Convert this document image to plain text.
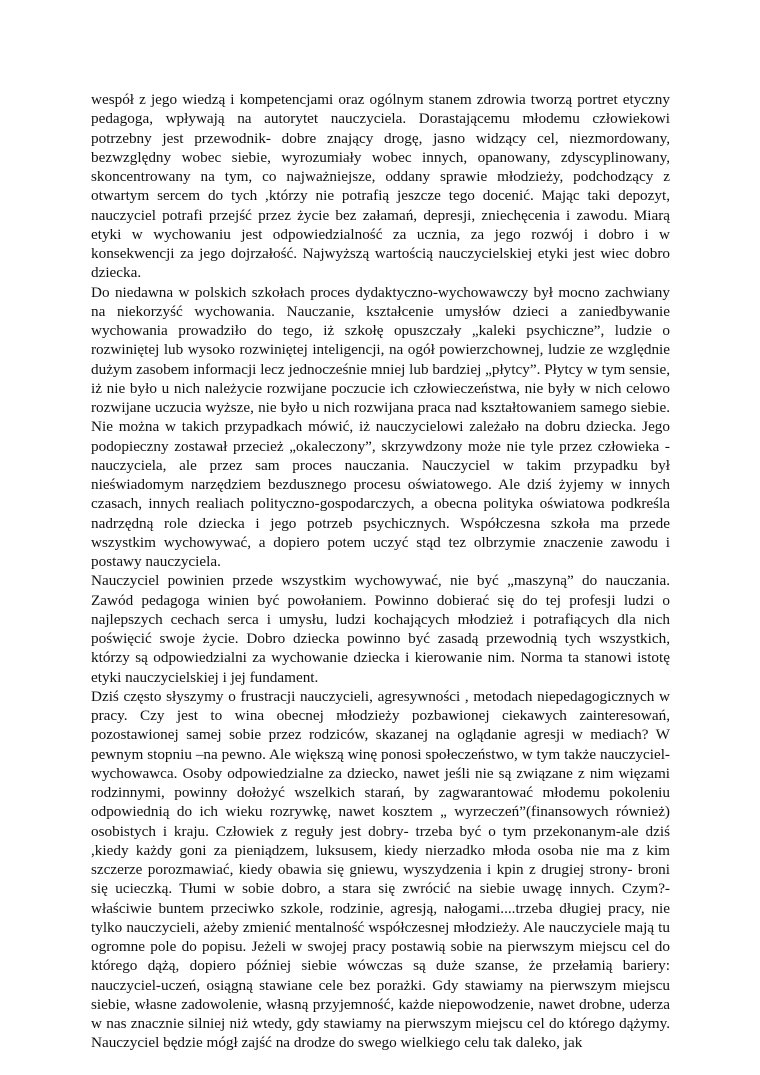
wespół z jego wiedzą i kompetencjami oraz ogólnym stanem zdrowia tworzą portret etyczny pedagoga, wpływają na autorytet nauczyciela. Dorastającemu młodemu człowiekowi potrzebny jest przewodnik- dobre znający drogę, jasno widzący cel, niezmordowany, bezwzględny wobec siebie, wyrozumiały wobec innych, opanowany, zdyscyplinowany, skoncentrowany na tym, co najważniejsze, oddany sprawie młodzieży, podchodzący z otwartym sercem do tych ,którzy nie potrafią jeszcze tego docenić. Mając taki depozyt, nauczyciel potrafi przejść przez życie bez załamań, depresji, zniechęcenia i zawodu. Miarą etyki w wychowaniu jest odpowiedzialność za ucznia, za jego rozwój i dobro i w konsekwencji za jego dojrzałość. Najwyższą wartością nauczycielskiej etyki jest wiec dobro dziecka.

Do niedawna w polskich szkołach proces dydaktyczno-wychowawczy był mocno zachwiany na niekorzyść wychowania. Nauczanie, kształcenie umysłów dzieci a zaniedbywanie wychowania prowadziło do tego, iż szkołę opuszczały „kaleki psychiczne”, ludzie o rozwiniętej lub wysoko rozwiniętej inteligencji, na ogół powierzchownej, ludzie ze względnie dużym zasobem informacji lecz jednocześnie mniej lub bardziej „płytcy”. Płytcy w tym sensie, iż nie było u nich należycie rozwijane poczucie ich człowieczeństwa, nie były w nich celowo rozwijane uczucia wyższe, nie było u nich rozwijana praca nad kształtowaniem samego siebie. Nie można w takich przypadkach mówić, iż nauczycielowi zależało na dobru dziecka. Jego podopieczny zostawał przecież „okaleczony”, skrzywdzony może nie tyle przez człowieka -nauczyciela, ale przez sam proces nauczania. Nauczyciel w takim przypadku był nieświadomym narzędziem bezdusznego procesu oświatowego. Ale dziś żyjemy w innych czasach, innych realiach polityczno-gospodarczych, a obecna polityka oświatowa podkreśla nadrzędną role dziecka i jego potrzeb psychicznych. Współczesna szkoła ma przede wszystkim wychowywać, a dopiero potem uczyć stąd tez olbrzymie znaczenie zawodu i postawy nauczyciela.

Nauczyciel powinien przede wszystkim wychowywać, nie być „maszyną” do nauczania. Zawód pedagoga winien być powołaniem. Powinno dobierać się do tej profesji ludzi o najlepszych cechach serca i umysłu, ludzi kochających młodzież i potrafiących dla nich poświęcić swoje życie. Dobro dziecka powinno być zasadą przewodnią tych wszystkich, którzy są odpowiedzialni za wychowanie dziecka i kierowanie nim. Norma ta stanowi istotę etyki nauczycielskiej i jej fundament.

Dziś często słyszymy o frustracji nauczycieli, agresywności , metodach niepedagogicznych w pracy. Czy jest to wina obecnej młodzieży pozbawionej ciekawych zainteresowań, pozostawionej samej sobie przez rodziców, skazanej na oglądanie agresji w mediach? W pewnym stopniu –na pewno. Ale większą winę ponosi społeczeństwo, w tym także nauczyciel-wychowawca. Osoby odpowiedzialne za dziecko, nawet jeśli nie są związane z nim więzami rodzinnymi, powinny dołożyć wszelkich starań, by zagwarantować młodemu pokoleniu odpowiednią do ich wieku rozrywkę, nawet kosztem „ wyrzeczeń”(finansowych również) osobistych i kraju. Człowiek z reguły jest dobry- trzeba być o tym przekonanym-ale dziś ,kiedy każdy goni za pieniądzem, luksusem, kiedy nierzadko młoda osoba nie ma z kim szczerze porozmawiać, kiedy obawia się gniewu, wyszydzenia i kpin z drugiej strony- broni się ucieczką. Tłumi w sobie dobro, a stara się zwrócić na siebie uwagę innych. Czym?- właściwie buntem przeciwko szkole, rodzinie, agresją, nałogami....trzeba długiej pracy, nie tylko nauczycieli, ażeby zmienić mentalność współczesnej młodzieży. Ale nauczyciele mają tu ogromne pole do popisu. Jeżeli w swojej pracy postawią sobie na pierwszym miejscu cel do którego dążą, dopiero później siebie wówczas są duże szanse, że przełamią bariery: nauczyciel-uczeń, osiągną stawiane cele bez porażki. Gdy stawiamy na pierwszym miejscu siebie, własne zadowolenie, własną przyjemność, każde niepowodzenie, nawet drobne, uderza w nas znacznie silniej niż wtedy, gdy stawiamy na pierwszym miejscu cel do którego dążymy. Nauczyciel będzie mógł zajść na drodze do swego wielkiego celu tak daleko, jak
